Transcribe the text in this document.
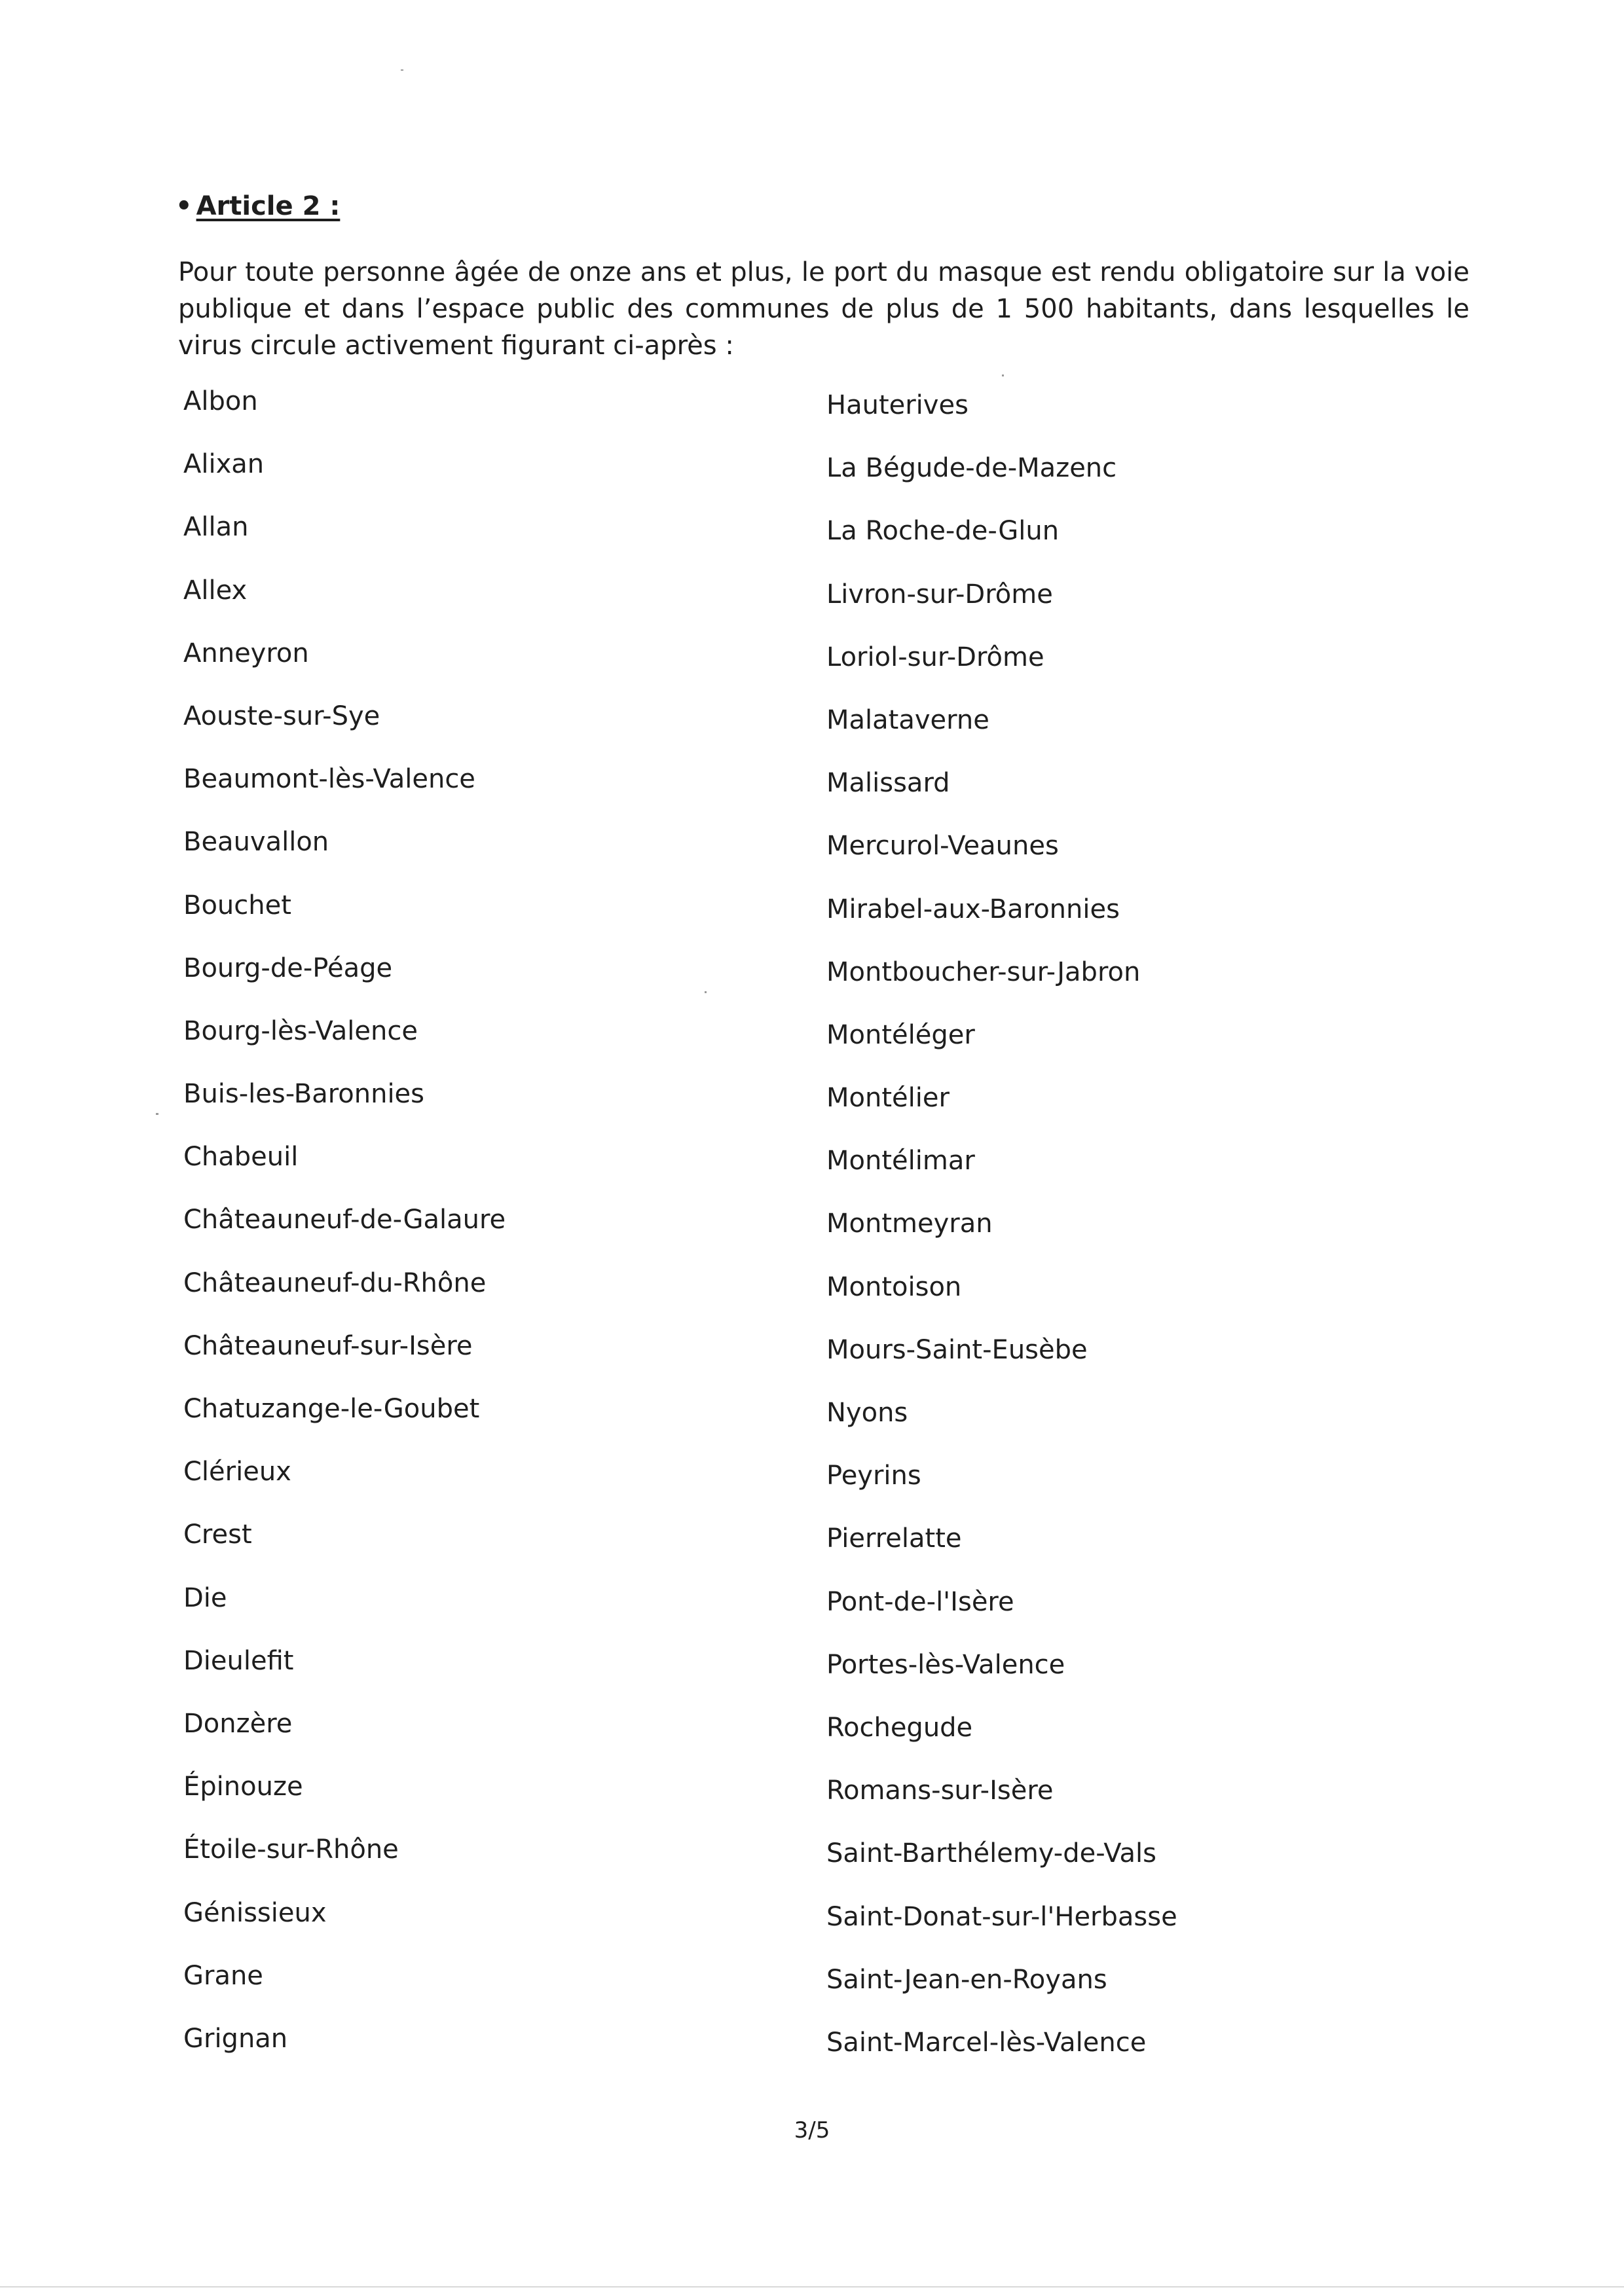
• Article 2 :

Pour toute personne âgée de onze ans et plus, le port du masque est rendu obligatoire sur la voie publique et dans l’espace public des communes de plus de 1 500 habitants, dans lesquelles le virus circule activement figurant ci-après :

Albon
Alixan
Allan
Allex
Anneyron
Aouste-sur-Sye
Beaumont-lès-Valence
Beauvallon
Bouchet
Bourg-de-Péage
Bourg-lès-Valence
Buis-les-Baronnies
Chabeuil
Châteauneuf-de-Galaure
Châteauneuf-du-Rhône
Châteauneuf-sur-Isère
Chatuzange-le-Goubet
Clérieux
Crest
Die
Dieulefit
Donzère
Épinouze
Étoile-sur-Rhône
Génissieux
Grane
Grignan
Hauterives
La Bégude-de-Mazenc
La Roche-de-Glun
Livron-sur-Drôme
Loriol-sur-Drôme
Malataverne
Malissard
Mercurol-Veaunes
Mirabel-aux-Baronnies
Montboucher-sur-Jabron
Montéléger
Montélier
Montélimar
Montmeyran
Montoison
Mours-Saint-Eusèbe
Nyons
Peyrins
Pierrelatte
Pont-de-l'Isère
Portes-lès-Valence
Rochegude
Romans-sur-Isère
Saint-Barthélemy-de-Vals
Saint-Donat-sur-l'Herbasse
Saint-Jean-en-Royans
Saint-Marcel-lès-Valence
3/5
